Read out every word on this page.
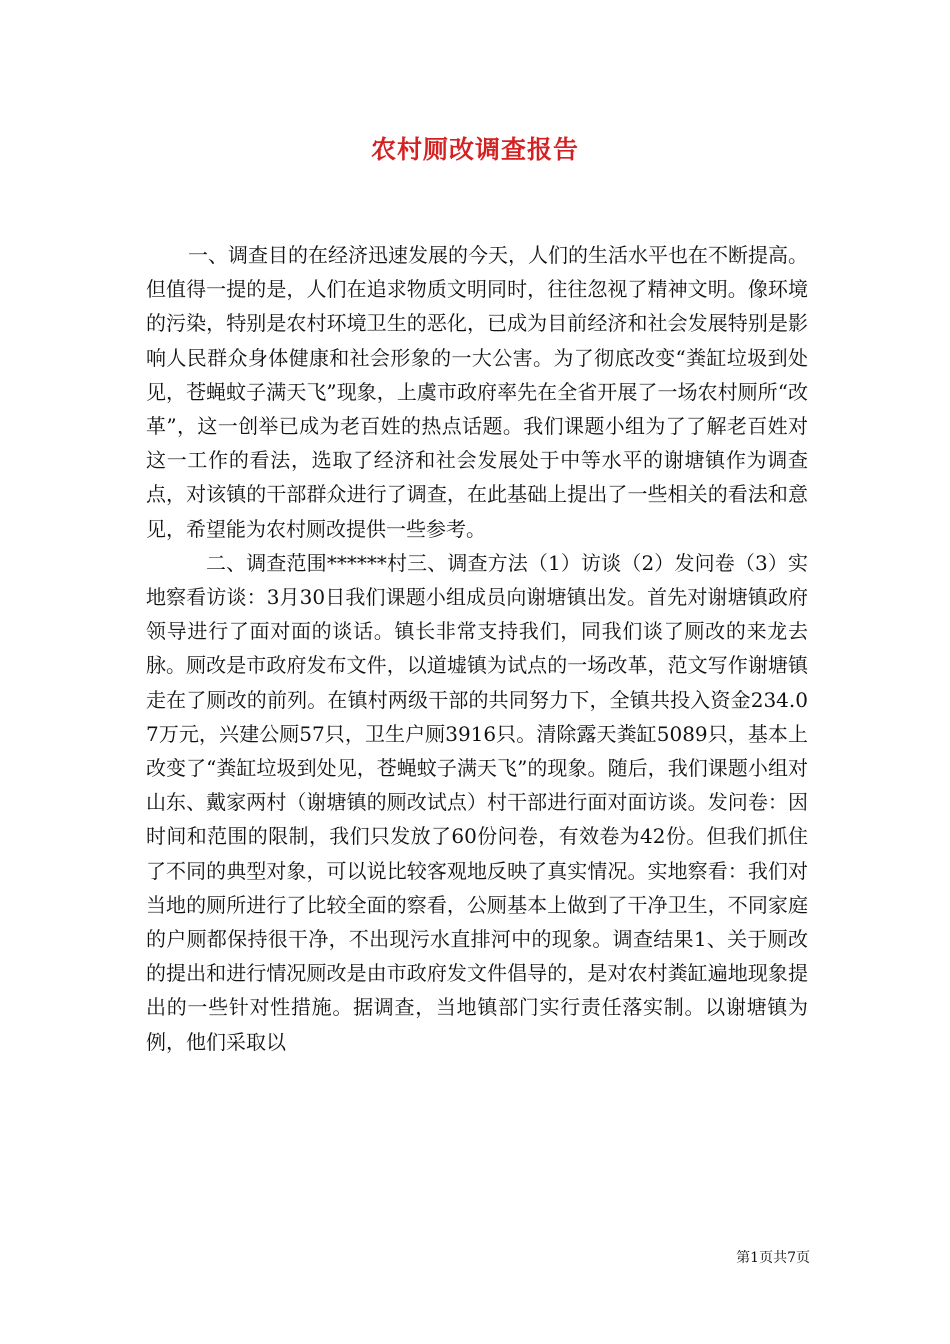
农村厕改调查报告

一、调查目的在经济迅速发展的今天，人们的生活水平也在不断提高。但值得一提的是，人们在追求物质文明同时，往往忽视了精神文明。像环境的污染，特别是农村环境卫生的恶化，已成为目前经济和社会发展特别是影响人民群众身体健康和社会形象的一大公害。为了彻底改变“粪缸垃圾到处见，苍蝇蚊子满天飞”现象，上虞市政府率先在全省开展了一场农村厕所“改革”，这一创举已成为老百姓的热点话题。我们课题小组为了了解老百姓对这一工作的看法，选取了经济和社会发展处于中等水平的谢塘镇作为调查点，对该镇的干部群众进行了调查，在此基础上提出了一些相关的看法和意见，希望能为农村厕改提供一些参考。

二、调查范围******村三、调查方法（1）访谈（2）发问卷（3）实地察看访谈：3月30日我们课题小组成员向谢塘镇出发。首先对谢塘镇政府领导进行了面对面的谈话。镇长非常支持我们，同我们谈了厕改的来龙去脉。厕改是市政府发布文件，以道墟镇为试点的一场改革，范文写作谢塘镇走在了厕改的前列。在镇村两级干部的共同努力下，全镇共投入资金234.07万元，兴建公厕57只，卫生户厕3916只。清除露天粪缸5089只，基本上改变了“粪缸垃圾到处见，苍蝇蚊子满天飞”的现象。随后，我们课题小组对山东、戴家两村（谢塘镇的厕改试点）村干部进行面对面访谈。发问卷：因时间和范围的限制，我们只发放了60份问卷，有效卷为42份。但我们抓住了不同的典型对象，可以说比较客观地反映了真实情况。实地察看：我们对当地的厕所进行了比较全面的察看，公厕基本上做到了干净卫生，不同家庭的户厕都保持很干净，不出现污水直排河中的现象。调查结果1、关于厕改的提出和进行情况厕改是由市政府发文件倡导的，是对农村粪缸遍地现象提出的一些针对性措施。据调查，当地镇部门实行责任落实制。以谢塘镇为例，他们采取以

第1页共7页
